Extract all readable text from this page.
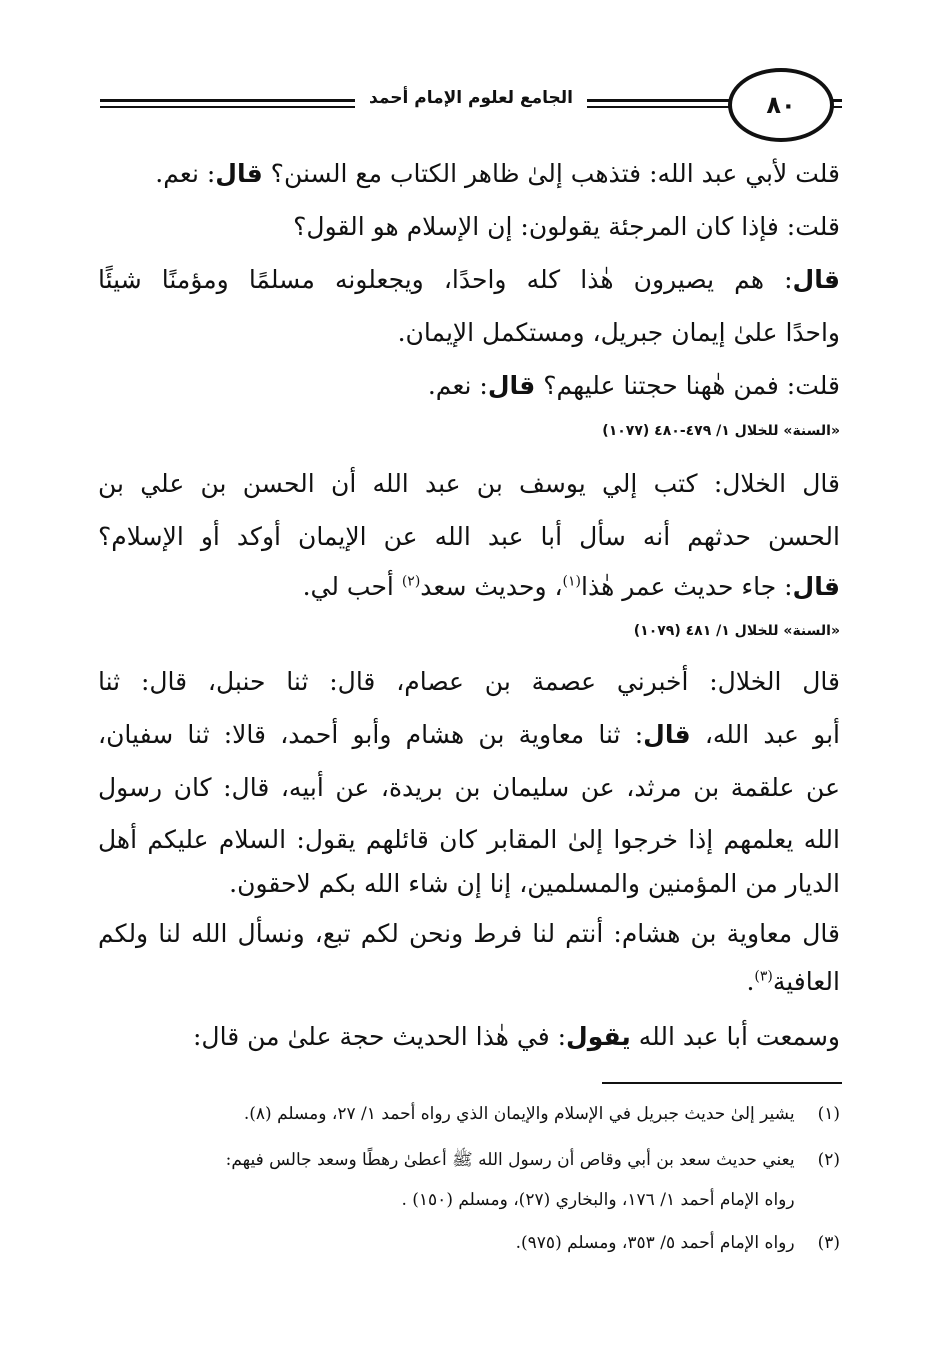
الجامع لعلوم الإمام أحمد	٨٠
قلت لأبي عبد الله: فتذهب إلىٰ ظاهر الكتاب مع السنن؟ قال: نعم.
قلت: فإذا كان المرجئة يقولون: إن الإسلام هو القول؟
قال: هم يصيرون هٰذا كله واحدًا، ويجعلونه مسلمًا ومؤمنًا شيئًا
واحدًا علىٰ إيمان جبريل، ومستكمل الإيمان.
قلت: فمن هٰهنا حجتنا عليهم؟ قال: نعم.
«السنة» للخلال ١/ ٤٧٩-٤٨٠ (١٠٧٧)
قال الخلال: كتب إلي يوسف بن عبد الله أن الحسن بن علي بن
الحسن حدثهم أنه سأل أبا عبد الله عن الإيمان أوكد أو الإسلام؟
قال: جاء حديث عمر هٰذا$^{(١)}$، وحديث سعد$^{(٢)}$ أحب لي.
«السنة» للخلال ١/ ٤٨١ (١٠٧٩)
قال الخلال: أخبرني عصمة بن عصام، قال: ثنا حنبل، قال: ثنا
أبو عبد الله، قال: ثنا معاوية بن هشام وأبو أحمد، قالا: ثنا سفيان،
عن علقمة بن مرثد، عن سليمان بن بريدة، عن أبيه، قال: كان رسول
الله يعلمهم إذا خرجوا إلىٰ المقابر كان قائلهم يقول: السلام عليكم أهل
الديار من المؤمنين والمسلمين، إنا إن شاء الله بكم لاحقون.
قال معاوية بن هشام: أنتم لنا فرط ونحن لكم تبع، ونسأل الله لنا ولكم
العافية$^{(٣)}$.
وسمعت أبا عبد الله يقول: في هٰذا الحديث حجة علىٰ من قال:
(١) يشير إلىٰ حديث جبريل في الإسلام والإيمان الذي رواه أحمد ١/ ٢٧، ومسلم (٨).
(٢) يعني حديث سعد بن أبي وقاص أن رسول الله ﷺ أعطىٰ رهطًا وسعد جالس فيهم:
رواه الإمام أحمد ١/ ١٧٦، والبخاري (٢٧)، ومسلم (١٥٠) .
(٣) رواه الإمام أحمد ٥/ ٣٥٣، ومسلم (٩٧٥).
